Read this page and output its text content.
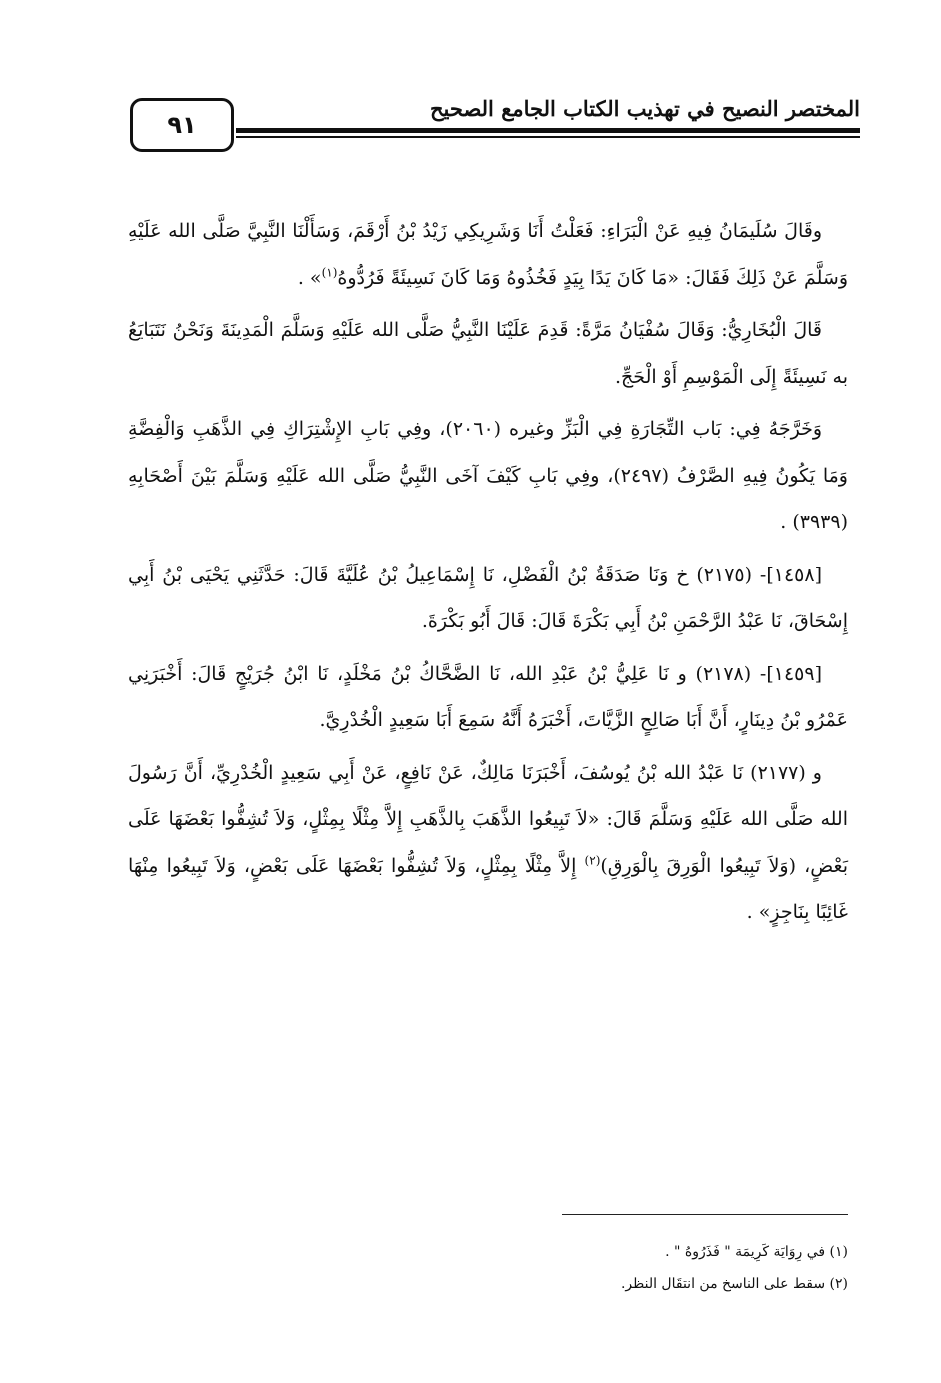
المختصر النصيح في تهذيب الكتاب الجامع الصحيح
٩١

وقَالَ سُلَيمَانُ فِيهِ عَنْ الْبَرَاءِ: فَعَلْتُ أَنَا وَشَرِيكِي زَيْدُ بْنُ أَرْقَمَ، وَسَأَلْنَا النَّبِيَّ صَلَّى الله عَلَيْهِ وَسَلَّمَ عَنْ ذَلِكَ فَقَالَ: «مَا كَانَ يَدًا بِيَدٍ فَخُذُوهُ وَمَا كَانَ نَسِيئَةً فَرُدُّوهُ$^{(١)}$» .

قَالَ الْبُخَارِيُّ: وَقَالَ سُفْيَانُ مَرَّةً: قَدِمَ عَلَيْنَا النَّبِيُّ صَلَّى الله عَلَيْهِ وَسَلَّمَ الْمَدِينَةَ وَنَحْنُ نَتَبَايَعُ به نَسِيئَةً إِلَى الْمَوْسِمِ أَوْ الْحَجِّ.

وَخَرَّجَهُ فِي: بَاب التِّجَارَةِ فِي الْبَزِّ وغيره (٢٠٦٠)، وفِي بَابِ الإِشْتِرَاكِ فِي الذَّهَبِ وَالْفِضَّةِ وَمَا يَكُونُ فِيهِ الصَّرْفُ (٢٤٩٧)، وفِي بَابِ كَيْفَ آخَى النَّبِيُّ صَلَّى الله عَلَيْهِ وَسَلَّمَ بَيْنَ أَصْحَابِهِ (٣٩٣٩) .

[١٤٥٨]- (٢١٧٥) خ وَنَا صَدَقَةُ بْنُ الْفَضْلِ، نَا إِسْمَاعِيلُ بْنُ عُلَيَّةَ قَالَ: حَدَّثَنِي يَحْيَى بْنُ أَبِي إِسْحَاقَ، نَا عَبْدُ الرَّحْمَنِ بْنُ أَبِي بَكْرَةَ قَالَ: قَالَ أَبُو بَكْرَةَ.

[١٤٥٩]- (٢١٧٨) و نَا عَلِيُّ بْنُ عَبْدِ الله، نَا الضَّحَّاكُ بْنُ مَخْلَدٍ، نَا ابْنُ جُرَيْجٍ قَالَ: أَخْبَرَنِي عَمْرُو بْنُ دِينَارٍ، أَنَّ أَبَا صَالِحٍ الزَّيَّاتَ، أَخْبَرَهُ أَنَّهُ سَمِعَ أَبَا سَعِيدٍ الْخُدْرِيَّ.

و (٢١٧٧) نَا عَبْدُ الله بْنُ يُوسُفَ، أَخْبَرَنَا مَالِكٌ، عَنْ نَافِعٍ، عَنْ أَبِي سَعِيدٍ الْخُدْرِيِّ، أَنَّ رَسُولَ الله صَلَّى الله عَلَيْهِ وَسَلَّمَ قَالَ: «لاَ تَبِيعُوا الذَّهَبَ بِالذَّهَبِ إِلاَّ مِثْلًا بِمِثْلٍ، وَلاَ تُشِفُّوا بَعْضَهَا عَلَى بَعْضٍ، (وَلاَ تَبِيعُوا الْوَرِقَ بِالْوَرِقِ)$^{(٢)}$ إِلاَّ مِثْلًا بِمِثْلٍ، وَلاَ تُشِفُّوا بَعْضَهَا عَلَى بَعْضٍ، وَلاَ تَبِيعُوا مِنْهَا غَائِبًا بِنَاجِزٍ» .

(١) في رِوَايَة كَرِيمَة " فَذَرُوهُ " .
(٢) سقط على الناسخ من انتقَال النظر.
